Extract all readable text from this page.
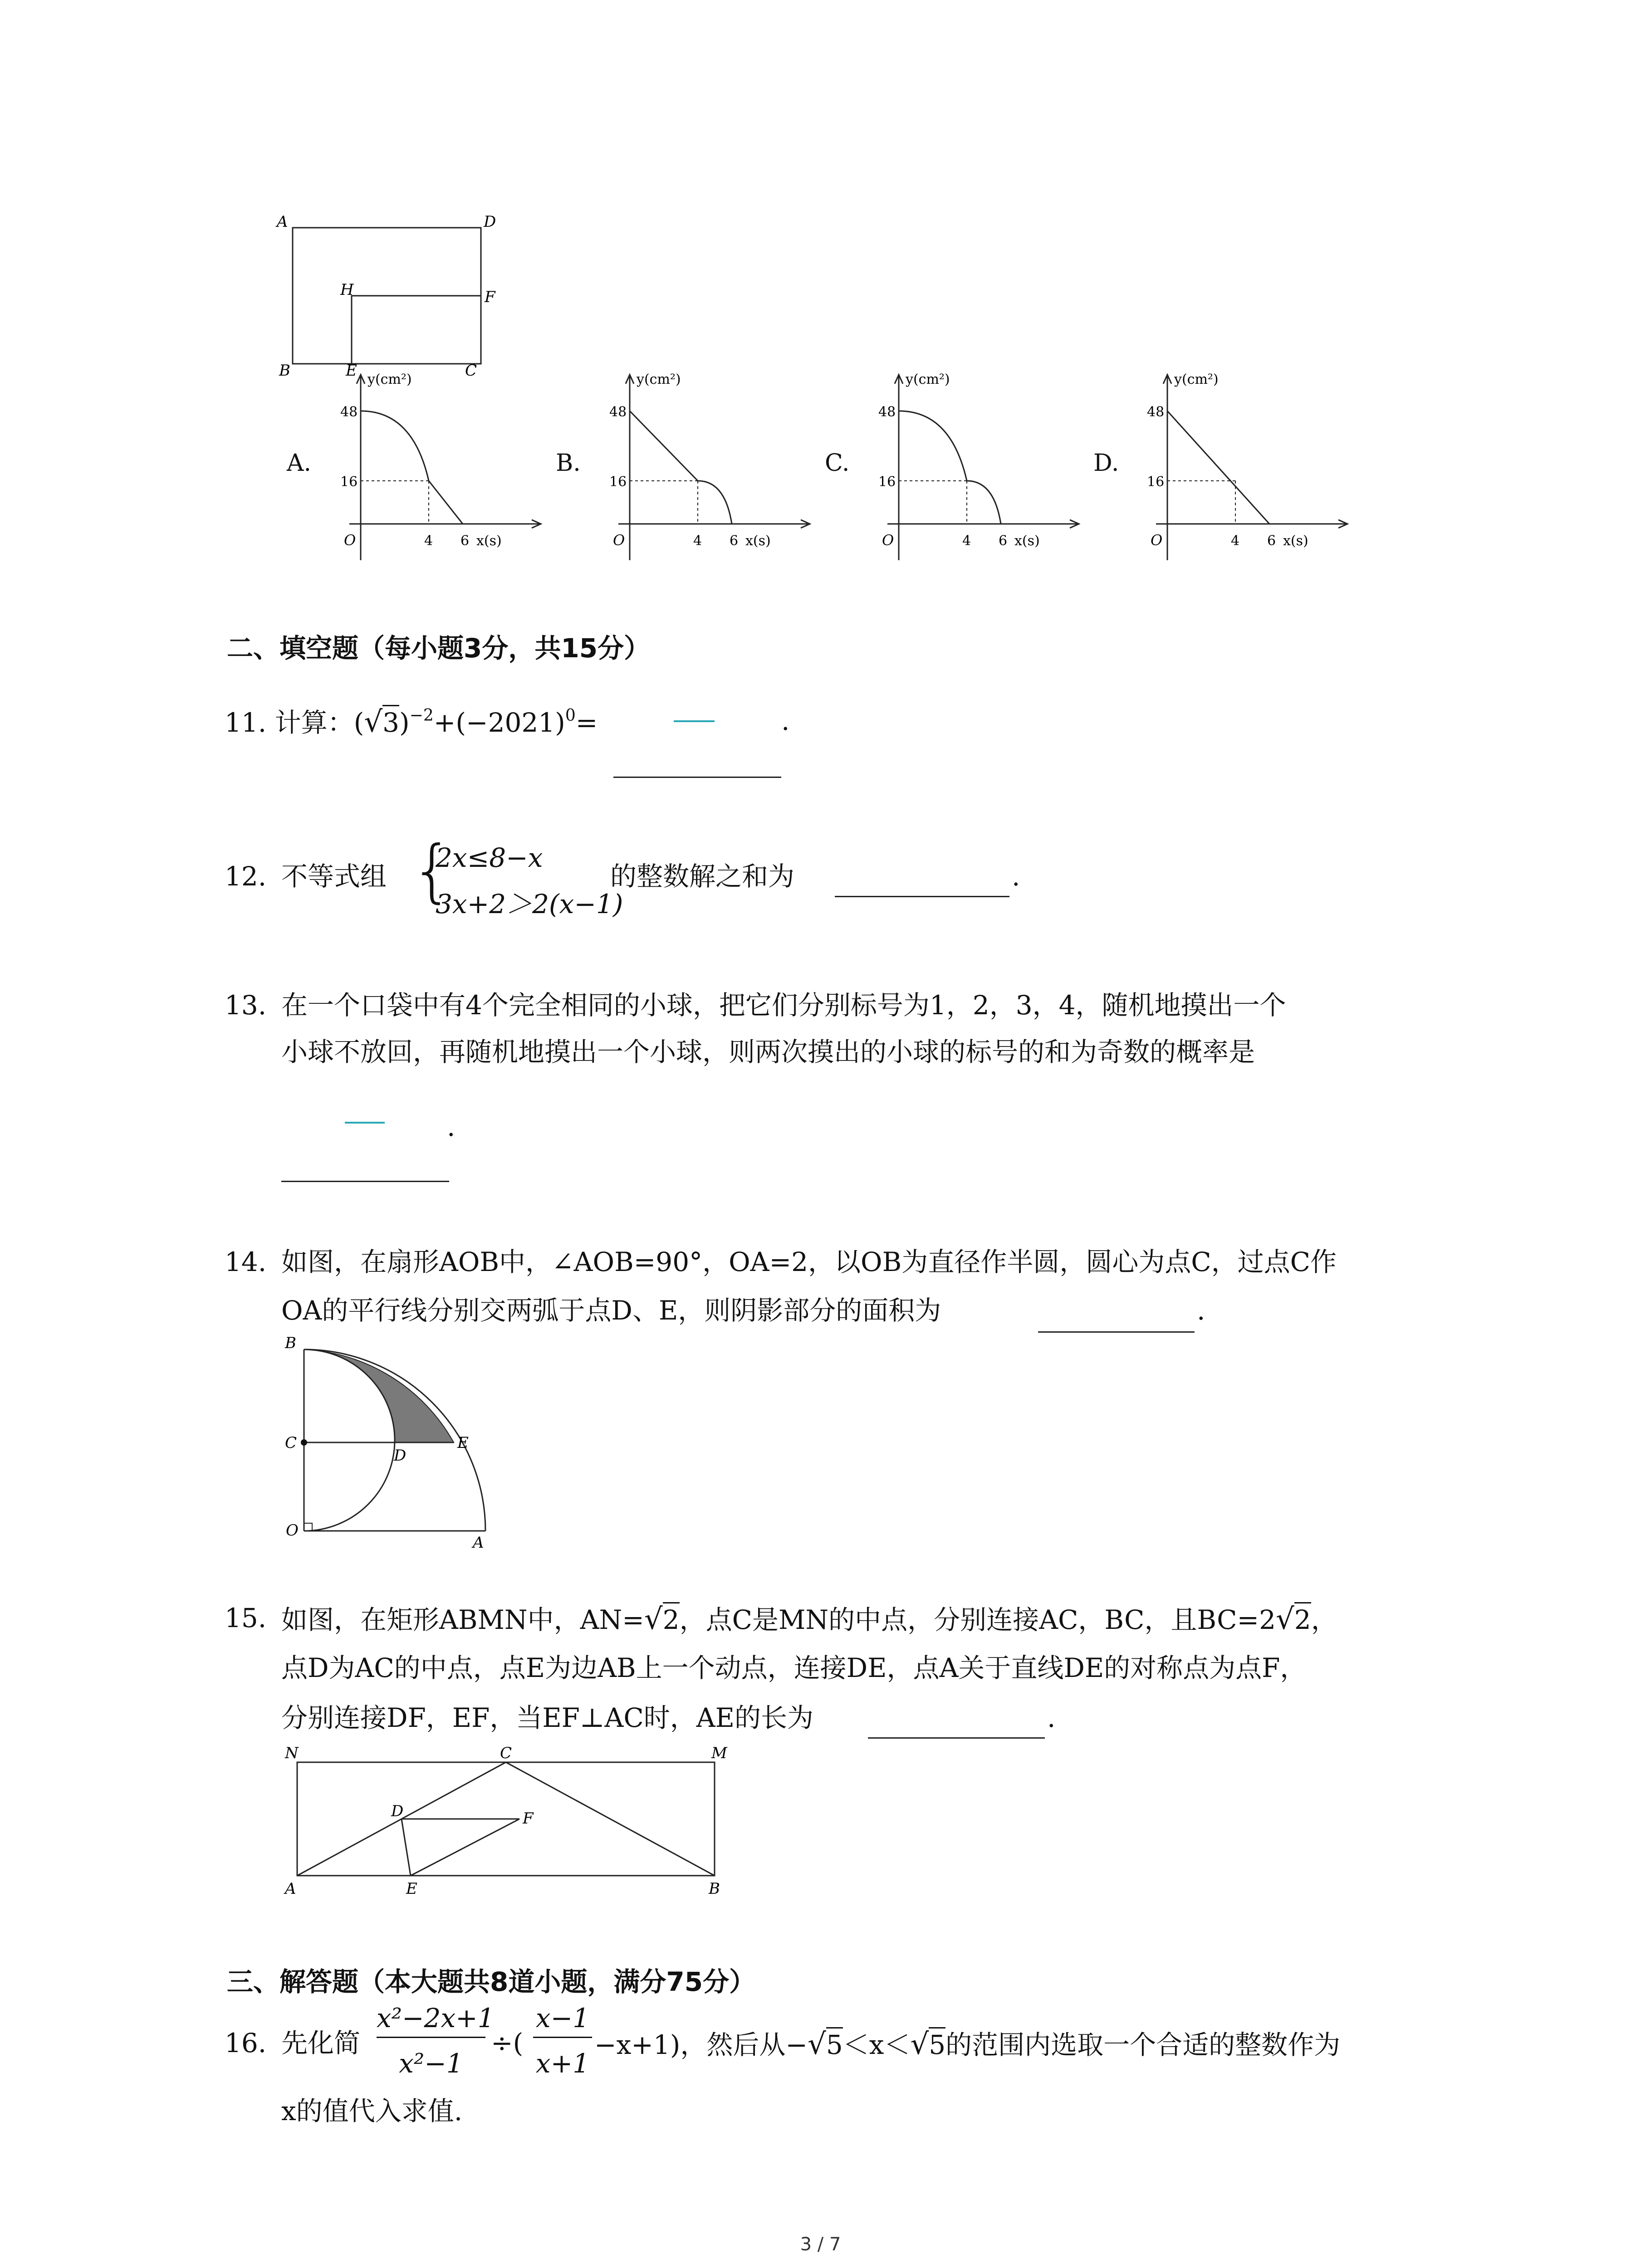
A	D
H	F
B	E	C
A.	B.	C.	D.
y(cm²)
48
16
O	4 6 x(s)
y(cm²)
48
16
O	4 6 x(s)
y(cm²)
48
16
O	4 6 x(s)
y(cm²)
48
16
O	4 6 x(s)
二、填空题（每小题3分，共15分）
11. 计算：$(√3)^{-2}+(-2021)^0=$	.
12. 不等式组 {
2x≤8−x
3x+2＞2(x−1)
的整数解之和为	.
13. 在一个口袋中有4个完全相同的小球，把它们分别标号为1，2，3，4，随机地摸出一个
小球不放回，再随机地摸出一个小球，则两次摸出的小球的标号的和为奇数的概率是
.
14. 如图，在扇形AOB中，∠AOB=90°，OA=2，以OB为直径作半圆，圆心为点C，过点C作
OA的平行线分别交两弧于点D、E，则阴影部分的面积为	.
B
C
D
E
O
A
15. 如图，在矩形ABMN中，AN=√2，点C是MN的中点，分别连接AC，BC，且BC=2√2，
点D为AC的中点，点E为边AB上一个动点，连接DE，点A关于直线DE的对称点为点F，
分别连接DF，EF，当EF⊥AC时，AE的长为	.
N	C	M
D	F
A	E	B
三、解答题（本大题共8道小题，满分75分）
16. 先化简
x²−2x+1
x²−1
÷(
x−1
x+1
−x+1)，然后从−√5＜x＜√5的范围内选取一个合适的整数作为
x的值代入求值.
3 / 7
